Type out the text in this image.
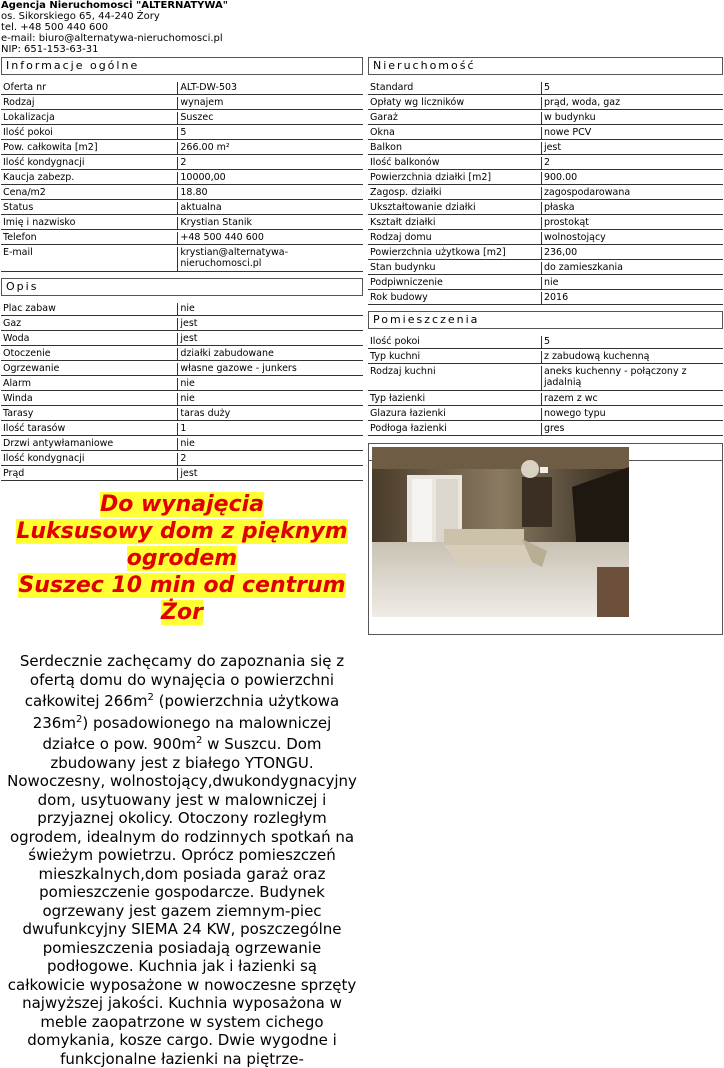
Agencja Nieruchomosci "ALTERNATYWA"
os. Sikorskiego 65, 44-240 Żory
tel. +48 500 440 600
e-mail: biuro@alternatywa-nieruchomosci.pl
NIP: 651-153-63-31
Informacje ogólne
Oferta nr	ALT-DW-503
Rodzaj	wynajem
Lokalizacja	Suszec
Ilość pokoi	5
Pow. całkowita [m2]	266.00 m²
Ilość kondygnacji	2
Kaucja zabezp.	10000,00
Cena/m2	18.80
Status	aktualna
Imię i nazwisko	Krystian Stanik
Telefon	+48 500 440 600
E-mail	krystian@alternatywa-nieruchomosci.pl
Opis
Plac zabaw	nie
Gaz	jest
Woda	jest
Otoczenie	działki zabudowane
Ogrzewanie	własne gazowe - junkers
Alarm	nie
Winda	nie
Tarasy	taras duży
Ilość tarasów	1
Drzwi antywłamaniowe	nie
Ilość kondygnacji	2
Prąd	jest
Do wynajęcia
Luksusowy dom z pięknym
ogrodem
Suszec 10 min od centrum
Żor
Serdecznie zachęcamy do zapoznania się z ofertą domu do wynajęcia o powierzchni całkowitej $266m^2$ (powierzchnia użytkowa $236m^2$) posadowionego na malowniczej działce o pow. $900m^2$ w Suszcu. Dom zbudowany jest z białego YTONGU. Nowoczesny, wolnostojący,dwukondygnacyjny dom, usytuowany jest w malowniczej i przyjaznej okolicy. Otoczony rozległym ogrodem, idealnym do rodzinnych spotkań na świeżym powietrzu. Oprócz pomieszczeń mieszkalnych,dom posiada garaż oraz pomieszczenie gospodarcze. Budynek ogrzewany jest gazem ziemnym-piec dwufunkcyjny SIEMA 24 KW, poszczególne pomieszczenia posiadają ogrzewanie podłogowe. Kuchnia jak i łazienki są całkowicie wyposażone w nowoczesne sprzęty najwyższej jakości. Kuchnia wyposażona w meble zaopatrzone w system cichego domykania, kosze cargo. Dwie wygodne i funkcjonalne łazienki na piętrze-
Nieruchomość
Standard	5
Opłaty wg liczników	prąd, woda, gaz
Garaż	w budynku
Okna	nowe PCV
Balkon	jest
Ilość balkonów	2
Powierzchnia działki [m2]	900.00
Zagosp. działki	zagospodarowana
Ukształtowanie działki	płaska
Kształt działki	prostokąt
Rodzaj domu	wolnostojący
Powierzchnia użytkowa [m2]	236,00
Stan budynku	do zamieszkania
Podpiwniczenie	nie
Rok budowy	2016
Pomieszczenia
Ilość pokoi	5
Typ kuchni	z zabudową kuchenną
Rodzaj kuchni	aneks kuchenny - połączony z jadalnią
Typ łazienki	razem z wc
Glazura łazienki	nowego typu
Podłoga łazienki	gres
